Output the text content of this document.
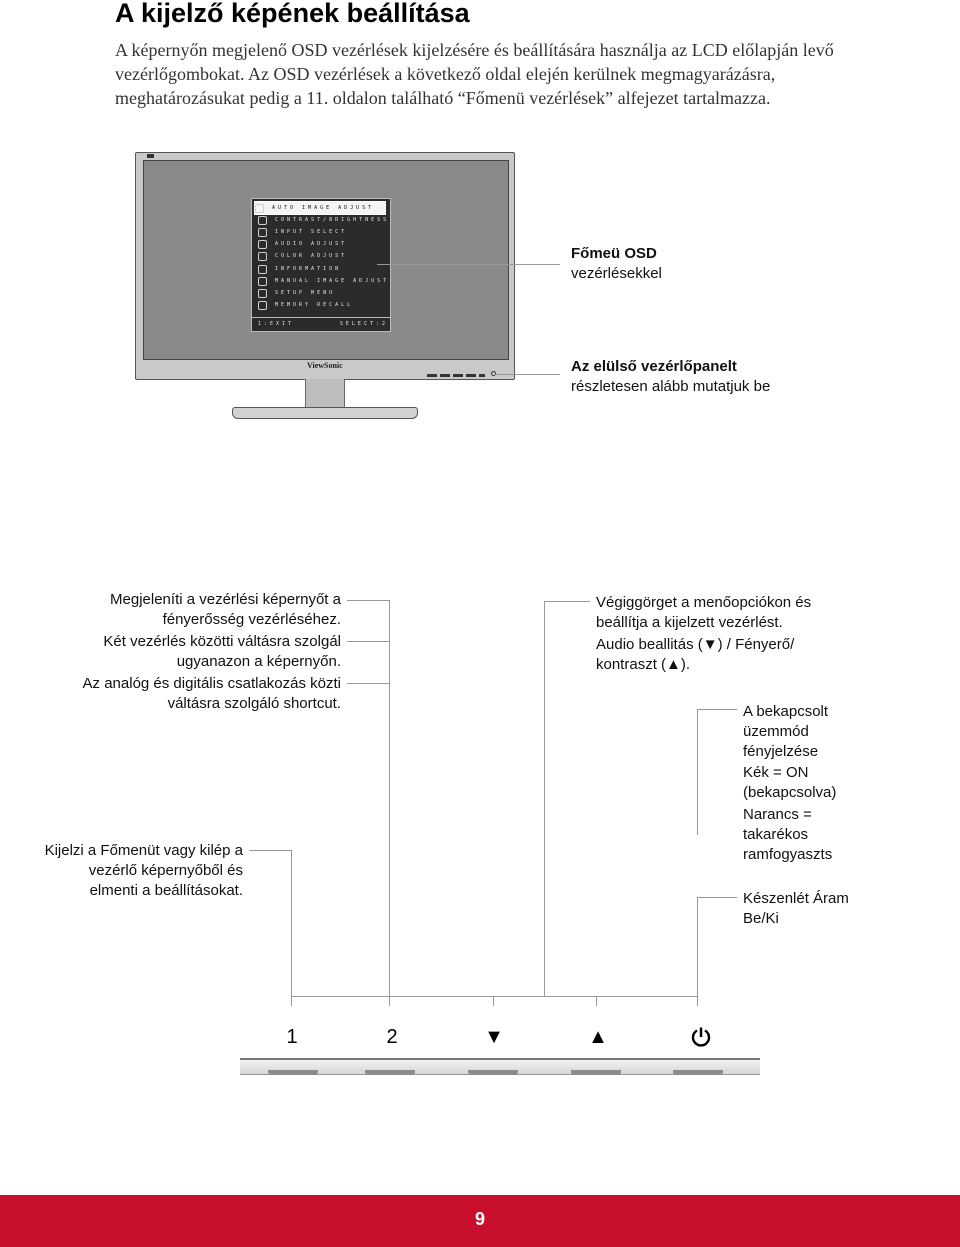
A kijelző képének beállítása

A képernyőn megjelenő OSD vezérlések kijelzésére és beállítására használja az LCD előlapján levő vezérlőgombokat. Az OSD vezérlések a következő oldal elején kerülnek megmagyarázásra, meghatározásukat pedig a 11. oldalon található “Főmenü vezérlések” alfejezet tartalmazza.

AUTO IMAGE ADJUST
CONTRAST/BRIGHTNESS
INPUT SELECT
AUDIO ADJUST
COLOR ADJUST
INFORMATION
MANUAL IMAGE ADJUST
SETUP MENU
MEMORY RECALL
1:EXIT	SELECT:2
ViewSonic
Főmeü OSD
vezérlésekkel
Az elülső vezérlőpanelt
részletesen alább mutatjuk be
Megjeleníti a vezérlési képernyőt a fényerősség vezérléséhez.
Két vezérlés közötti váltásra szolgál ugyanazon a képernyőn.
Az analóg és digitális csatlakozás közti váltásra szolgáló shortcut.
Kijelzi a Főmenüt vagy kilép a vezérlő képernyőből és elmenti a beállításokat.
Végiggörget a menőopciókon és beállítja a kijelzett vezérlést.
Audio beallitás (▼) / Fényerő/ kontraszt (▲).
A bekapcsolt üzemmód fényjelzése
Kék = ON (bekapcsolva)
Narancs = takarékos ramfogyaszts
Készenlét Áram Be/Ki
1	2	▼	▲
9
